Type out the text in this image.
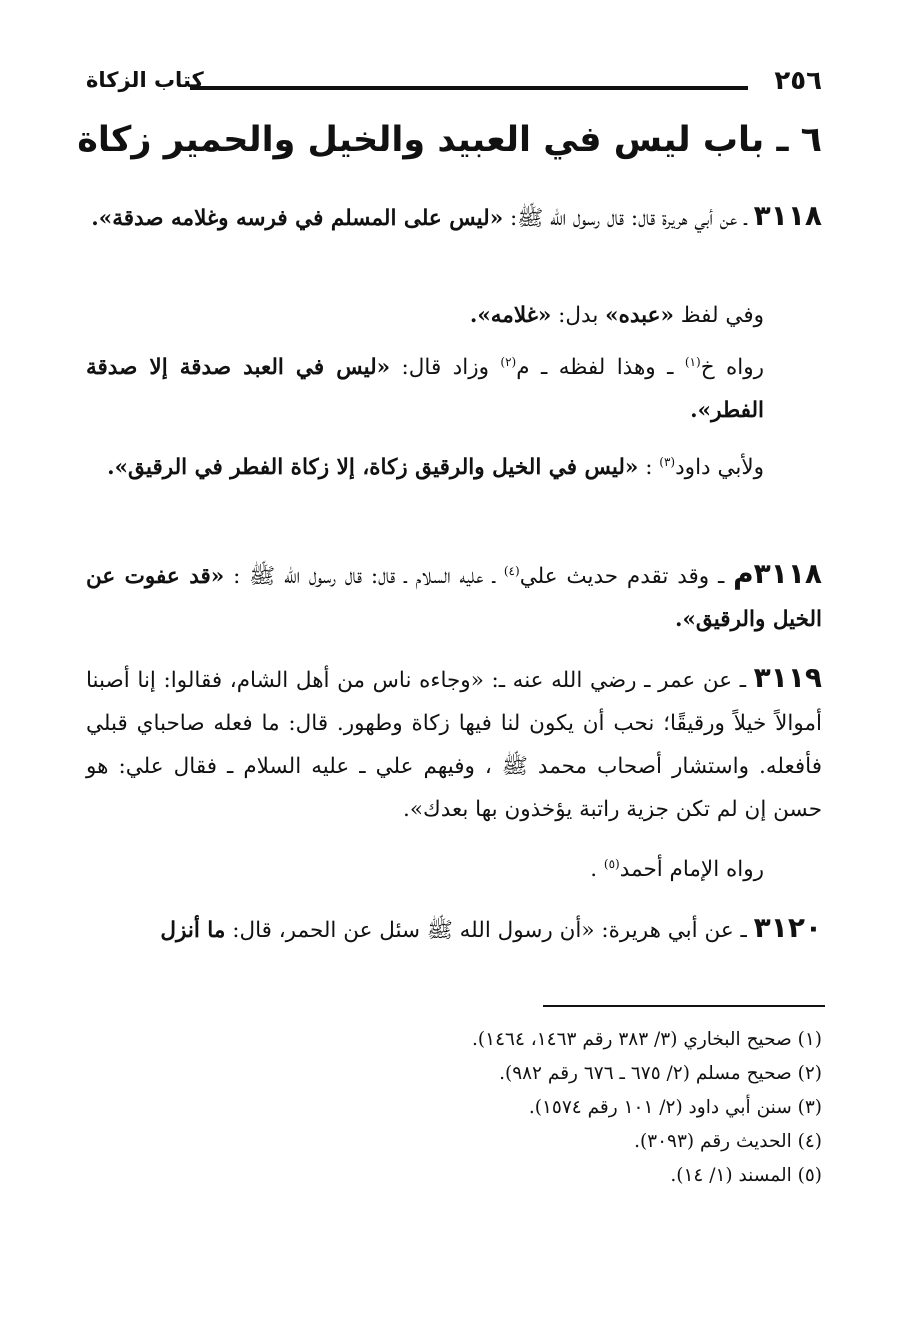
٢٥٦
كتاب الزكاة
٦ ـ باب ليس في العبيد والخيل والحمير زكاة
٣١١٨ ـ عن أبي هريرة قال: قال رسول الله ﷺ: «ليس على المسلم في فرسه وغلامه صدقة».
وفي لفظ «عبده» بدل: «غلامه».
رواه خ$^{(١)}$ ـ وهذا لفظه ـ م$^{(٢)}$ وزاد قال: «ليس في العبد صدقة إلا صدقة الفطر».
ولأبي داود$^{(٣)}$ : «ليس في الخيل والرقيق زكاة، إلا زكاة الفطر في الرقيق».
٣١١٨م ـ وقد تقدم حديث علي$^{(٤)}$ ـ عليه السلام ـ قال: قال رسول الله ﷺ : «قد عفوت عن الخيل والرقيق».
٣١١٩ ـ عن عمر ـ رضي الله عنه ـ: «وجاءه ناس من أهل الشام، فقالوا: إنا أصبنا أموالاً خيلاً ورقيقًا؛ نحب أن يكون لنا فيها زكاة وطهور. قال: ما فعله صاحباي قبلي فأفعله. واستشار أصحاب محمد ﷺ ، وفيهم علي ـ عليه السلام ـ فقال علي: هو حسن إن لم تكن جزية راتبة يؤخذون بها بعدك».
رواه الإمام أحمد$^{(٥)}$ .
٣١٢٠ ـ عن أبي هريرة: «أن رسول الله ﷺ سئل عن الحمر، قال: ما أنزل
(١) صحيح البخاري (٣/ ٣٨٣ رقم ١٤٦٣، ١٤٦٤).
(٢) صحيح مسلم (٢/ ٦٧٥ ـ ٦٧٦ رقم ٩٨٢).
(٣) سنن أبي داود (٢/ ١٠١ رقم ١٥٧٤).
(٤) الحديث رقم (٣٠٩٣).
(٥) المسند (١/ ١٤).
